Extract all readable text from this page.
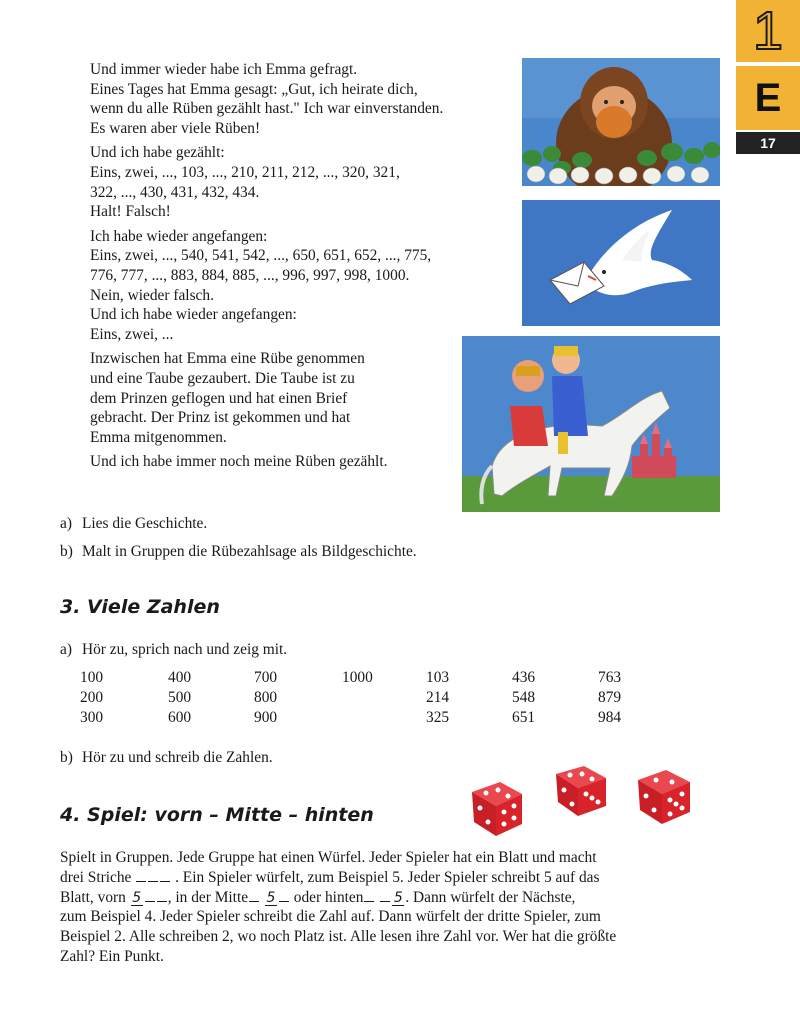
1
E
17

Und immer wieder habe ich Emma gefragt.

Eines Tages hat Emma gesagt: „Gut, ich heirate dich,

wenn du alle Rüben gezählt hast." Ich war einverstanden.

Es waren aber viele Rüben!

Und ich habe gezählt:

Eins, zwei, ..., 103, ..., 210, 211, 212, ..., 320, 321,

322, ..., 430, 431, 432, 434.

Halt! Falsch!

Ich habe wieder angefangen:

Eins, zwei, ..., 540, 541, 542, ..., 650, 651, 652, ..., 775,

776, 777, ..., 883, 884, 885, ..., 996, 997, 998, 1000.

Nein, wieder falsch.

Und ich habe wieder angefangen:

Eins, zwei, ...

Inzwischen hat Emma eine Rübe genommen

und eine Taube gezaubert. Die Taube ist zu

dem Prinzen geflogen und hat einen Brief

gebracht. Der Prinz ist gekommen und hat

Emma mitgenommen.

Und ich habe immer noch meine Rüben gezählt.

a) Lies die Geschichte.
b) Malt in Gruppen die Rübezahlsage als Bildgeschichte.
3. Viele Zahlen
a) Hör zu, sprich nach und zeig mit.
100
200
300
400
500
600
700
800
900
1000	103
214
325
436
548
651
763
879
984
b) Hör zu und schreib die Zahlen.
4. Spiel: vorn – Mitte – hinten
Spielt in Gruppen. Jede Gruppe hat einen Würfel. Jeder Spieler hat ein Blatt und macht
drei Striche	. Ein Spieler würfelt, zum Beispiel 5. Jeder Spieler schreibt 5 auf das
Blatt, vorn 5 , in der Mitte 5 oder hinten 5 . Dann würfelt der Nächste,
zum Beispiel 4. Jeder Spieler schreibt die Zahl auf. Dann würfelt der dritte Spieler, zum
Beispiel 2. Alle schreiben 2, wo noch Platz ist. Alle lesen ihre Zahl vor. Wer hat die größte
Zahl? Ein Punkt.
